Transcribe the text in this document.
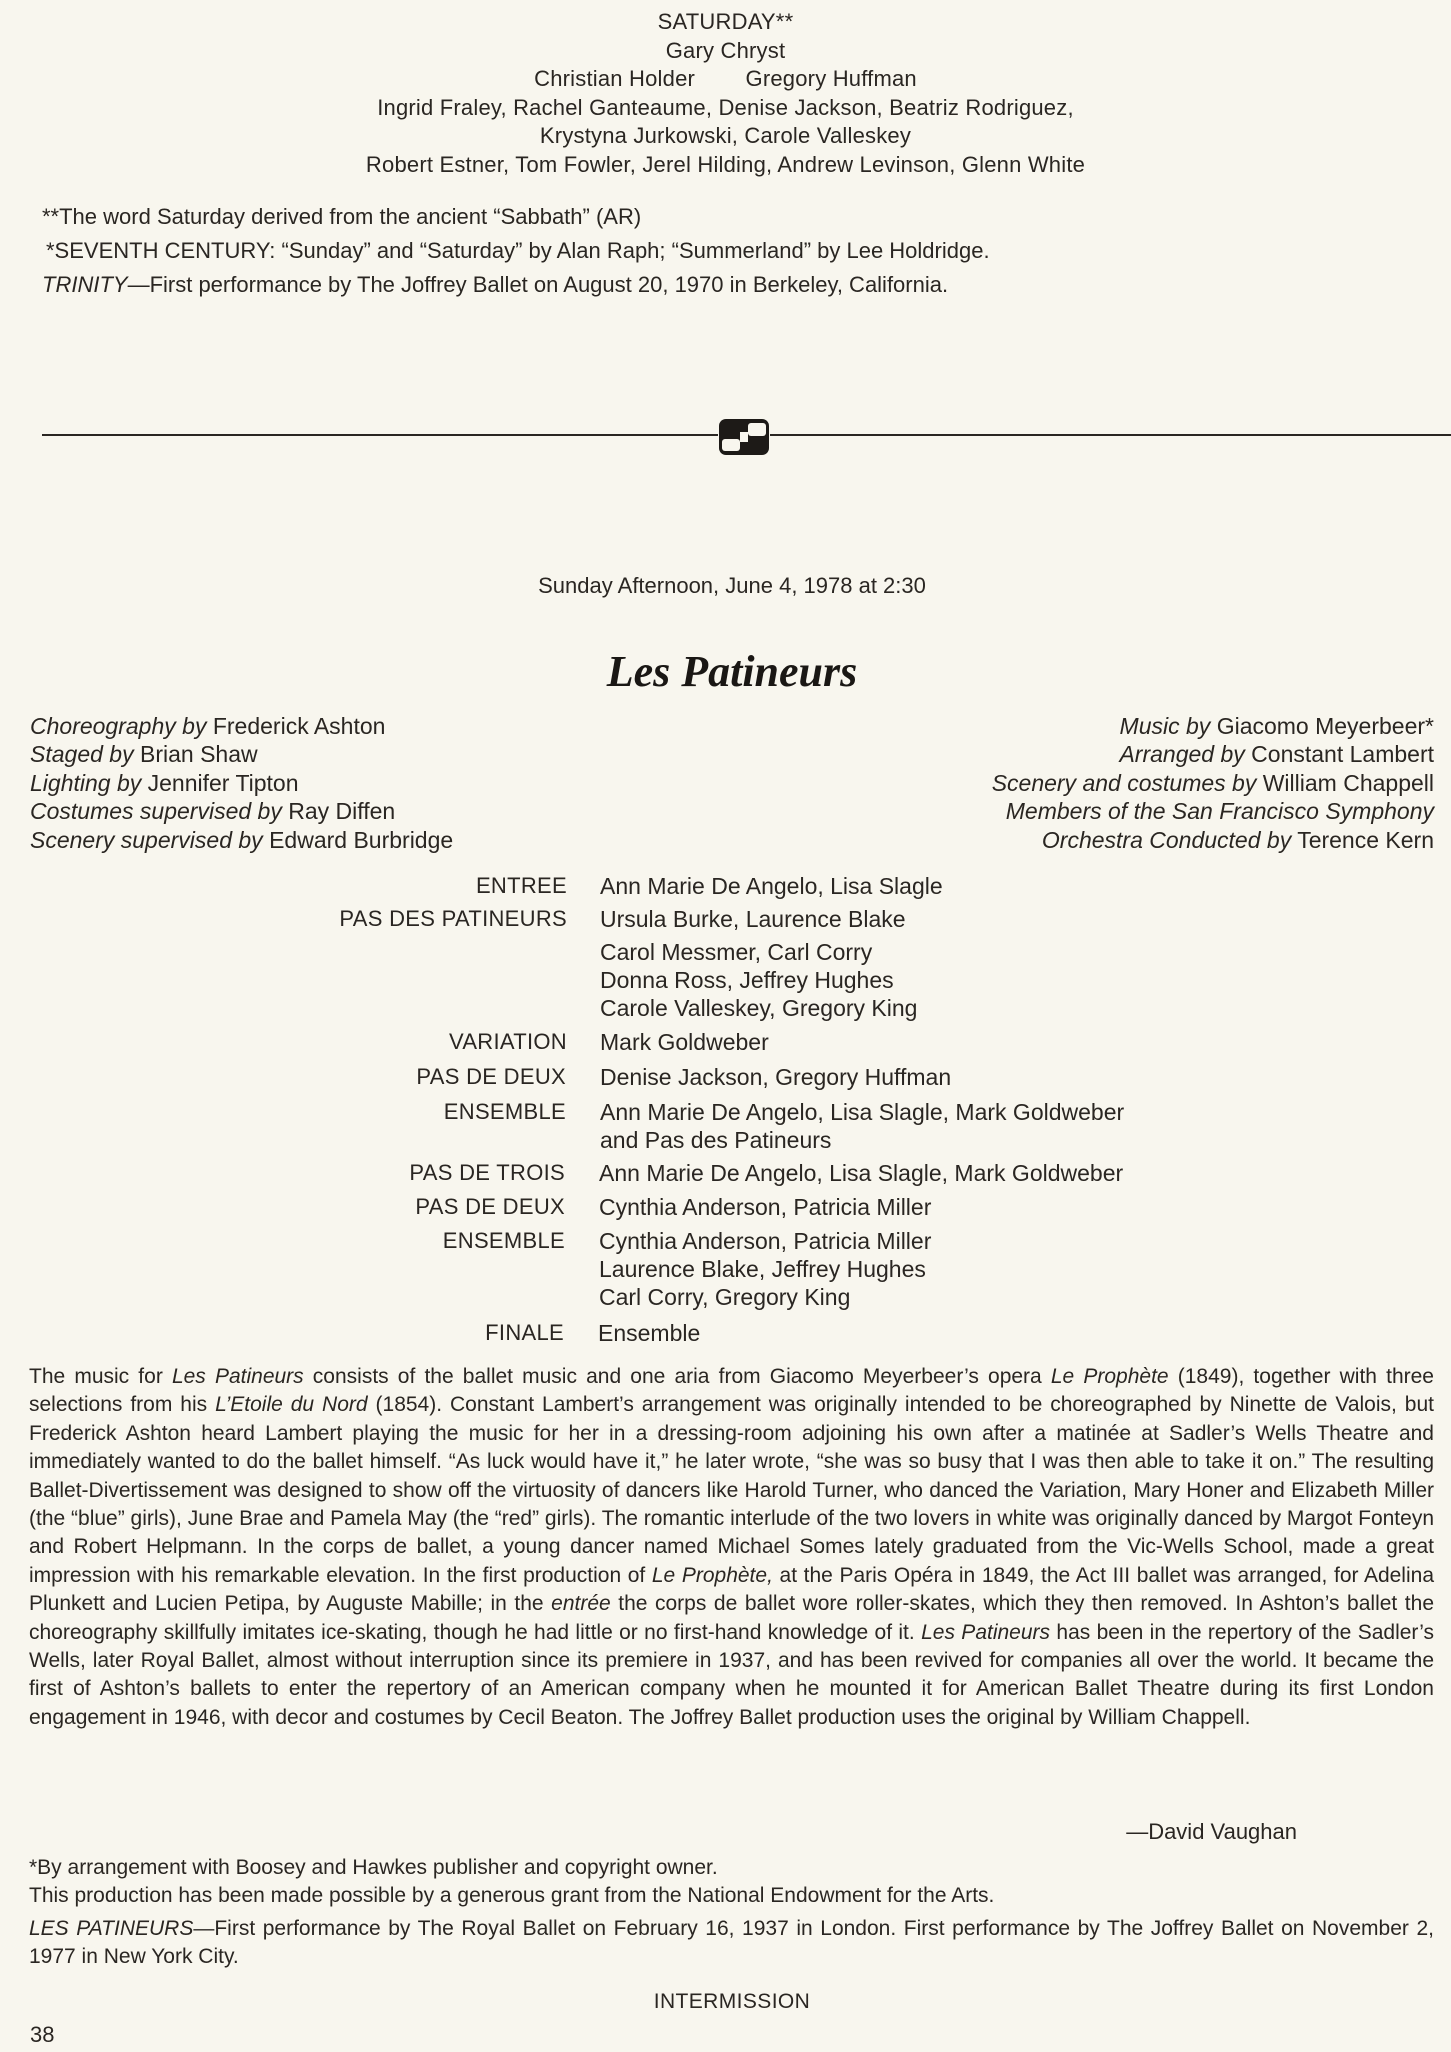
SATURDAY**
Gary Chryst
Christian Holder        Gregory Huffman
Ingrid Fraley, Rachel Ganteaume, Denise Jackson, Beatriz Rodriguez,
Krystyna Jurkowski, Carole Valleskey
Robert Estner, Tom Fowler, Jerel Hilding, Andrew Levinson, Glenn White
**The word Saturday derived from the ancient “Sabbath” (AR)
*SEVENTH CENTURY: “Sunday” and “Saturday” by Alan Raph; “Summerland” by Lee Holdridge.
TRINITY—First performance by The Joffrey Ballet on August 20, 1970 in Berkeley, California.
Sunday Afternoon, June 4, 1978 at 2:30
Les Patineurs
Choreography by Frederick Ashton
Staged by Brian Shaw
Lighting by Jennifer Tipton
Costumes supervised by Ray Diffen
Scenery supervised by Edward Burbridge
Music by Giacomo Meyerbeer*
Arranged by Constant Lambert
Scenery and costumes by William Chappell
Members of the San Francisco Symphony
Orchestra Conducted by Terence Kern
ENTREE Ann Marie De Angelo, Lisa Slagle
PAS DES PATINEURS Ursula Burke, Laurence Blake
Carol Messmer, Carl Corry
Donna Ross, Jeffrey Hughes
Carole Valleskey, Gregory King
VARIATION Mark Goldweber
PAS DE DEUX Denise Jackson, Gregory Huffman
ENSEMBLE Ann Marie De Angelo, Lisa Slagle, Mark Goldweber
and Pas des Patineurs
PAS DE TROIS Ann Marie De Angelo, Lisa Slagle, Mark Goldweber
PAS DE DEUX Cynthia Anderson, Patricia Miller
ENSEMBLE Cynthia Anderson, Patricia Miller
Laurence Blake, Jeffrey Hughes
Carl Corry, Gregory King
FINALE Ensemble
The music for Les Patineurs consists of the ballet music and one aria from Giacomo Meyerbeer’s opera Le Prophète (1849), together with three selections from his L’Etoile du Nord (1854). Constant Lambert’s arrangement was originally intended to be choreographed by Ninette de Valois, but Frederick Ashton heard Lambert playing the music for her in a dressing-room adjoining his own after a matinée at Sadler’s Wells Theatre and immediately wanted to do the ballet himself. “As luck would have it,” he later wrote, “she was so busy that I was then able to take it on.” The resulting Ballet-Divertissement was designed to show off the virtuosity of dancers like Harold Turner, who danced the Variation, Mary Honer and Elizabeth Miller (the “blue” girls), June Brae and Pamela May (the “red” girls). The romantic interlude of the two lovers in white was originally danced by Margot Fonteyn and Robert Helpmann. In the corps de ballet, a young dancer named Michael Somes lately graduated from the Vic-Wells School, made a great impression with his remarkable elevation. In the first production of Le Prophète, at the Paris Opéra in 1849, the Act III ballet was arranged, for Adelina Plunkett and Lucien Petipa, by Auguste Mabille; in the entrée the corps de ballet wore roller-skates, which they then removed. In Ashton’s ballet the choreography skillfully imitates ice-skating, though he had little or no first-hand knowledge of it. Les Patineurs has been in the repertory of the Sadler’s Wells, later Royal Ballet, almost without interruption since its premiere in 1937, and has been revived for companies all over the world. It became the first of Ashton’s ballets to enter the repertory of an American company when he mounted it for American Ballet Theatre during its first London engagement in 1946, with decor and costumes by Cecil Beaton. The Joffrey Ballet production uses the original by William Chappell.
—David Vaughan
*By arrangement with Boosey and Hawkes publisher and copyright owner.
This production has been made possible by a generous grant from the National Endowment for the Arts.
LES PATINEURS—First performance by The Royal Ballet on February 16, 1937 in London. First performance by The Joffrey Ballet on November 2, 1977 in New York City.
INTERMISSION
38
